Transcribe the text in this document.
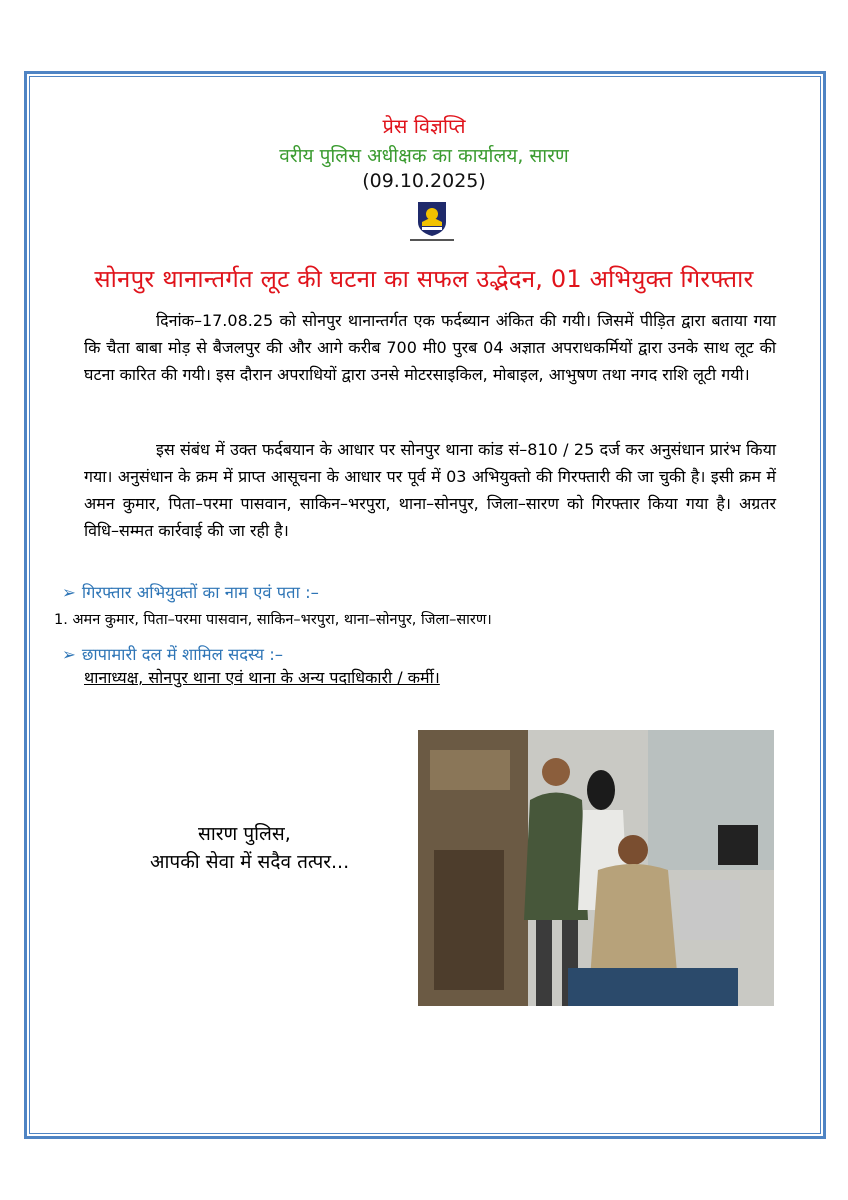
प्रेस विज्ञप्ति
वरीय पुलिस अधीक्षक का कार्यालय, सारण
(09.10.2025)
सोनपुर थानान्तर्गत लूट की घटना का सफल उद्भेदन, 01 अभियुक्त गिरफ्तार

दिनांक–17.08.25 को सोनपुर थानान्तर्गत एक फर्दब्यान अंकित की गयी। जिसमें पीड़ित द्वारा बताया गया कि चैता बाबा मोड़ से बैजलपुर की और आगे करीब 700 मी0 पुरब 04 अज्ञात अपराधकर्मियों द्वारा उनके साथ लूट की घटना कारित की गयी। इस दौरान अपराधियों द्वारा उनसे मोटरसाइकिल, मोबाइल, आभुषण तथा नगद राशि लूटी गयी।

इस संबंध में उक्त फर्दबयान के आधार पर सोनपुर थाना कांड सं–810 / 25 दर्ज कर अनुसंधान प्रारंभ किया गया। अनुसंधान के क्रम में प्राप्त आसूचना के आधार पर पूर्व में 03 अभियुक्तो की गिरफ्तारी की जा चुकी है। इसी क्रम में अमन कुमार, पिता–परमा पासवान, साकिन–भरपुरा, थाना–सोनपुर, जिला–सारण को गिरफ्तार किया गया है। अग्रतर विधि–सम्मत कार्रवाई की जा रही है।

➢ गिरफ्तार अभियुक्तों का नाम एवं पता :–
1. अमन कुमार, पिता–परमा पासवान, साकिन–भरपुरा, थाना–सोनपुर, जिला–सारण।
➢ छापामारी दल में शामिल सदस्य :–
थानाध्यक्ष, सोनपुर थाना एवं थाना के अन्य पदाधिकारी / कर्मी।
सारण पुलिस,
आपकी सेवा में सदैव तत्पर...
